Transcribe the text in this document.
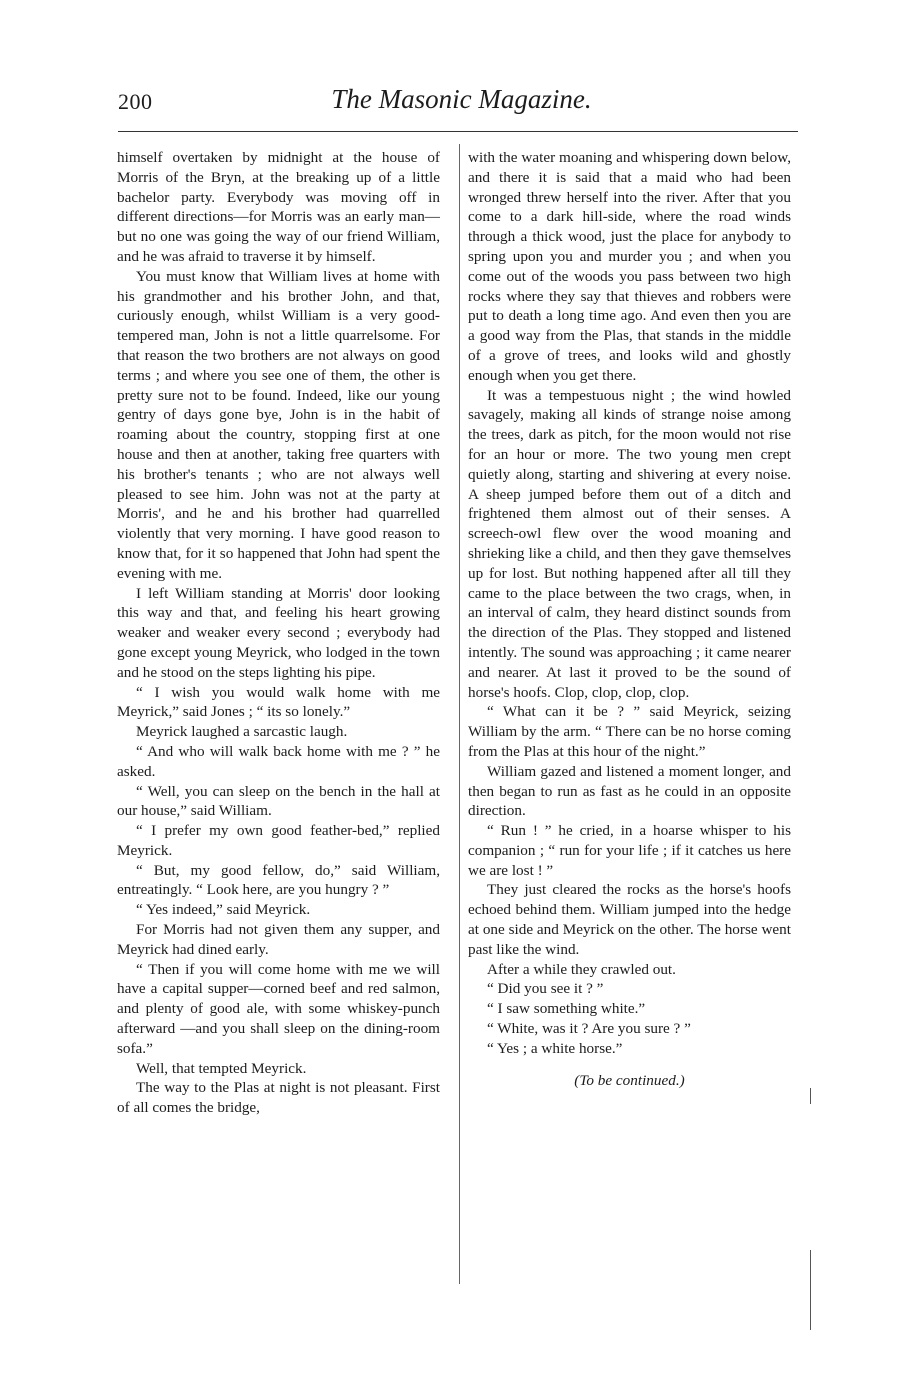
200	The Masonic Magazine.

himself overtaken by midnight at the house of Morris of the Bryn, at the breaking up of a little bachelor party. Everybody was moving off in different directions—for Morris was an early man—but no one was going the way of our friend William, and he was afraid to traverse it by himself.

You must know that William lives at home with his grandmother and his brother John, and that, curiously enough, whilst William is a very good-tempered man, John is not a little quarrelsome. For that reason the two brothers are not always on good terms ; and where you see one of them, the other is pretty sure not to be found. Indeed, like our young gentry of days gone bye, John is in the habit of roaming about the country, stopping first at one house and then at another, taking free quarters with his brother's tenants ; who are not always well pleased to see him. John was not at the party at Morris', and he and his brother had quarrelled violently that very morning. I have good reason to know that, for it so happened that John had spent the evening with me.

I left William standing at Morris' door looking this way and that, and feeling his heart growing weaker and weaker every second ; everybody had gone except young Meyrick, who lodged in the town and he stood on the steps lighting his pipe.

“ I wish you would walk home with me Meyrick,” said Jones ; “ its so lonely.”

Meyrick laughed a sarcastic laugh.

“ And who will walk back home with me ? ” he asked.

“ Well, you can sleep on the bench in the hall at our house,” said William.

“ I prefer my own good feather-bed,” replied Meyrick.

“ But, my good fellow, do,” said William, entreatingly. “ Look here, are you hungry ? ”

“ Yes indeed,” said Meyrick.

For Morris had not given them any supper, and Meyrick had dined early.

“ Then if you will come home with me we will have a capital supper—corned beef and red salmon, and plenty of good ale, with some whiskey-punch afterward —and you shall sleep on the dining-room sofa.”

Well, that tempted Meyrick.

The way to the Plas at night is not pleasant. First of all comes the bridge,

with the water moaning and whispering down below, and there it is said that a maid who had been wronged threw herself into the river. After that you come to a dark hill-side, where the road winds through a thick wood, just the place for anybody to spring upon you and murder you ; and when you come out of the woods you pass between two high rocks where they say that thieves and robbers were put to death a long time ago. And even then you are a good way from the Plas, that stands in the middle of a grove of trees, and looks wild and ghostly enough when you get there.

It was a tempestuous night ; the wind howled savagely, making all kinds of strange noise among the trees, dark as pitch, for the moon would not rise for an hour or more. The two young men crept quietly along, starting and shivering at every noise. A sheep jumped before them out of a ditch and frightened them almost out of their senses. A screech-owl flew over the wood moaning and shrieking like a child, and then they gave themselves up for lost. But nothing happened after all till they came to the place between the two crags, when, in an interval of calm, they heard distinct sounds from the direction of the Plas. They stopped and listened intently. The sound was approaching ; it came nearer and nearer. At last it proved to be the sound of horse's hoofs. Clop, clop, clop, clop.

“ What can it be ? ” said Meyrick, seizing William by the arm. “ There can be no horse coming from the Plas at this hour of the night.”

William gazed and listened a moment longer, and then began to run as fast as he could in an opposite direction.

“ Run ! ” he cried, in a hoarse whisper to his companion ; “ run for your life ; if it catches us here we are lost ! ”

They just cleared the rocks as the horse's hoofs echoed behind them. William jumped into the hedge at one side and Meyrick on the other. The horse went past like the wind.

After a while they crawled out.

“ Did you see it ? ”

“ I saw something white.”

“ White, was it ? Are you sure ? ”

“ Yes ; a white horse.”

(To be continued.)
